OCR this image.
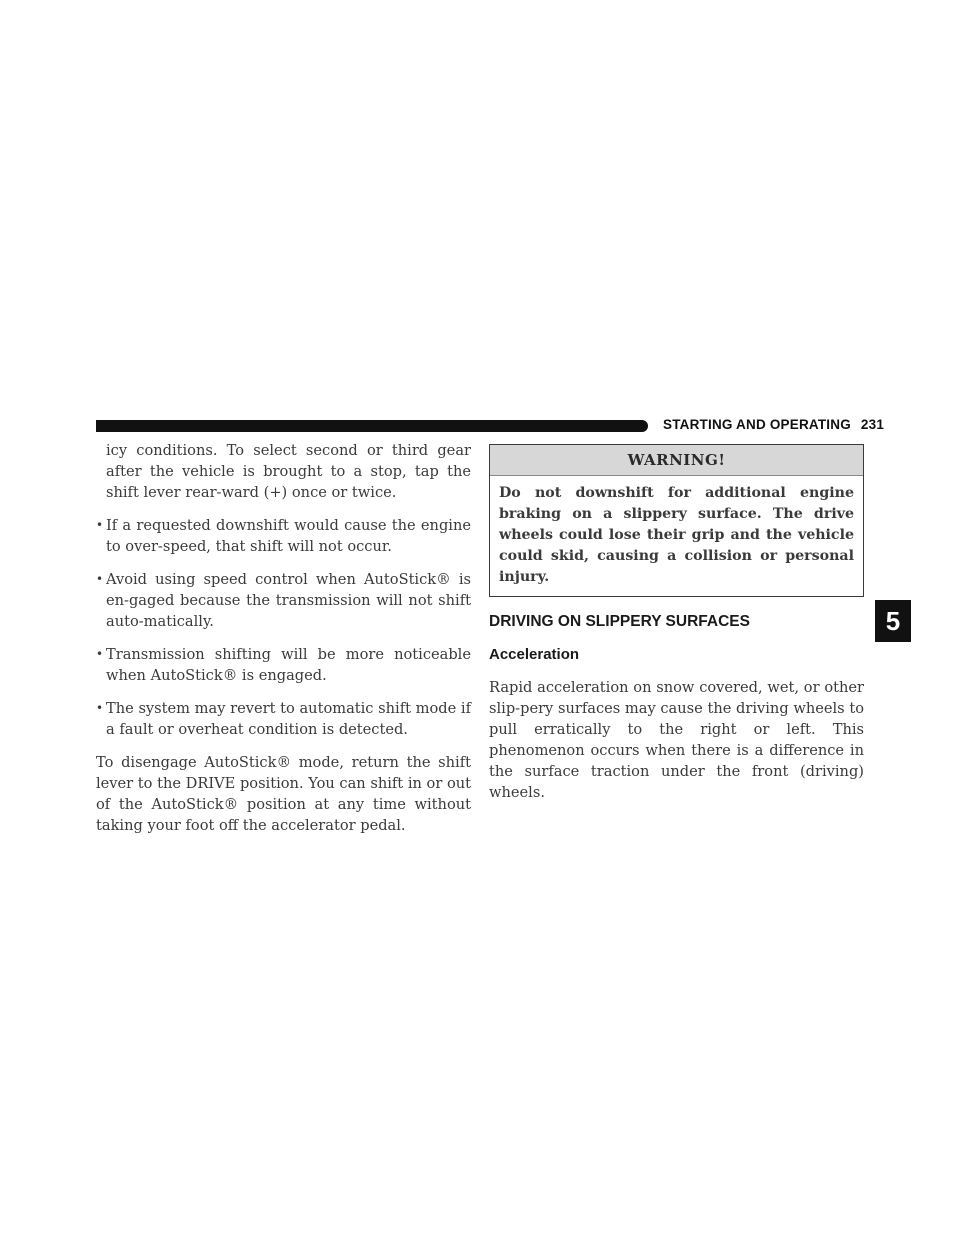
STARTING AND OPERATING 231

icy conditions. To select second or third gear after the vehicle is brought to a stop, tap the shift lever rear-ward (+) once or twice.

• If a requested downshift would cause the engine to over-speed, that shift will not occur.
• Avoid using speed control when AutoStick® is en-gaged because the transmission will not shift auto-matically.
• Transmission shifting will be more noticeable when AutoStick® is engaged.
• The system may revert to automatic shift mode if a fault or overheat condition is detected.

To disengage AutoStick® mode, return the shift lever to the DRIVE position. You can shift in or out of the AutoStick® position at any time without taking your foot off the accelerator pedal.

WARNING!
Do not downshift for additional engine braking on a slippery surface. The drive wheels could lose their grip and the vehicle could skid, causing a collision or personal injury.
DRIVING ON SLIPPERY SURFACES
Acceleration

Rapid acceleration on snow covered, wet, or other slip-pery surfaces may cause the driving wheels to pull erratically to the right or left. This phenomenon occurs when there is a difference in the surface traction under the front (driving) wheels.

5
